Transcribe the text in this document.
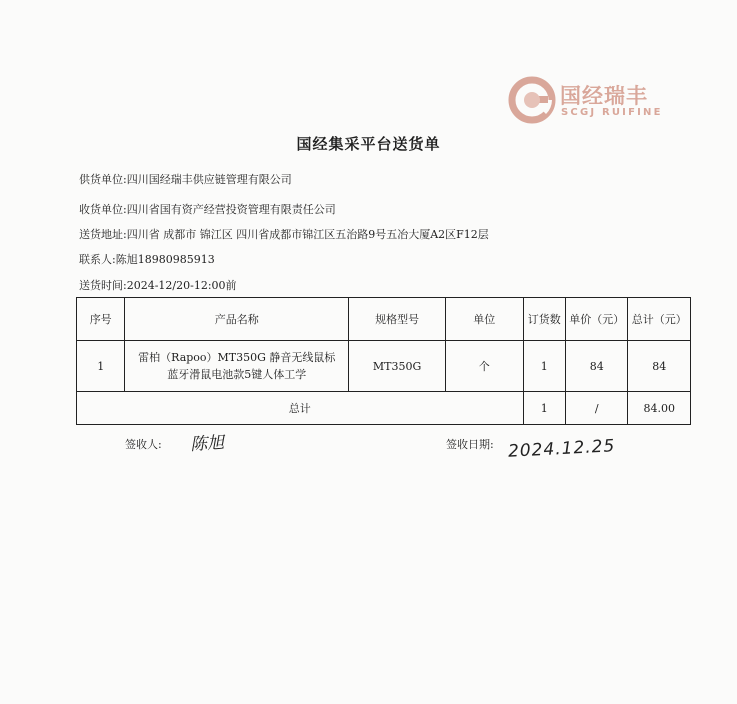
国经瑞丰
SCGJ RUIFINE
国经集采平台送货单
供货单位:四川国经瑞丰供应链管理有限公司
收货单位:四川省国有资产经营投资管理有限责任公司
送货地址:四川省 成都市 锦江区 四川省成都市锦江区五治路9号五冶大厦A2区F12层
联系人:陈旭18980985913
送货时间:2024-12/20-12:00前
序号	产品名称	规格型号	单位	订货数	单价（元）	总计（元）
1	雷柏（Rapoo）MT350G 静音无线鼠标
蓝牙滑鼠电池款5键人体工学	MT350G	个	1	84	84
总计				1	/	84.00
签收人: 陈旭	签收日期: 2024.12.25
